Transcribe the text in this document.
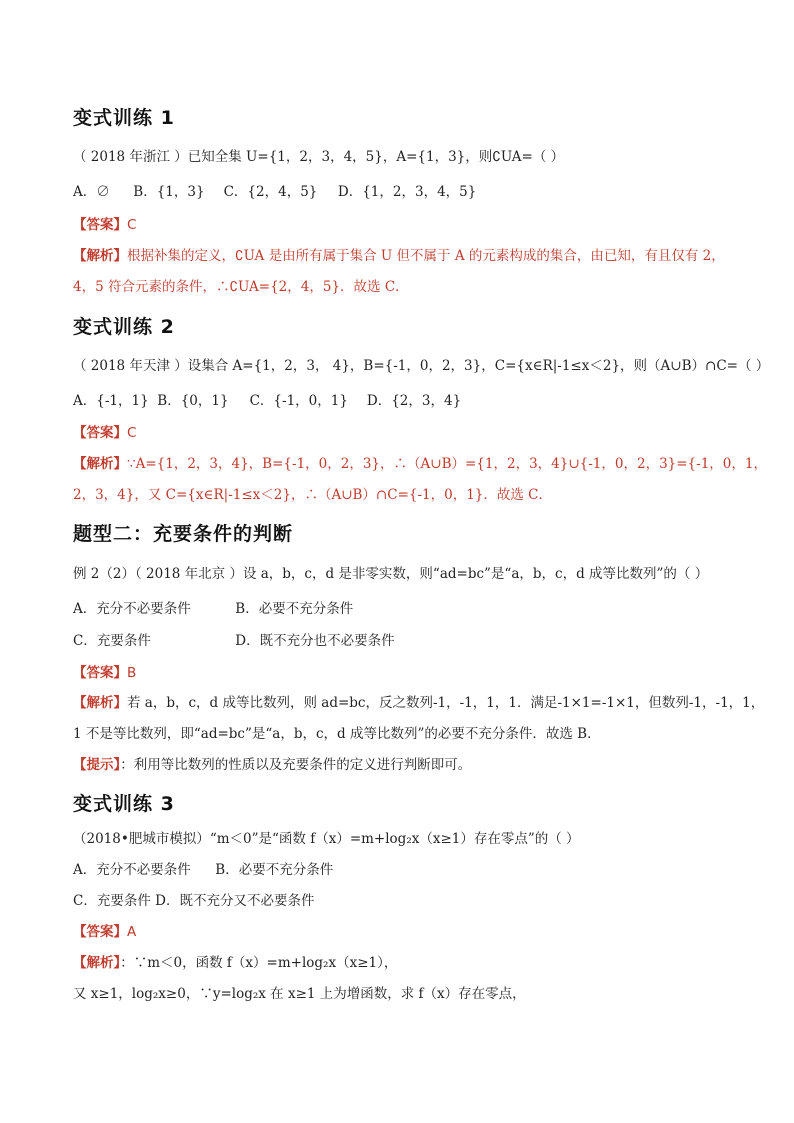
变式训练 1
（ 2018 年浙江 ）已知全集 U={1，2，3，4，5}，A={1，3}，则∁UA=（ ）
A．∅ B．{1，3} C．{2，4，5} D．{1，2，3，4，5}
【答案】C
【解析】根据补集的定义，∁UA 是由所有属于集合 U 但不属于 A 的元素构成的集合，由已知，有且仅有 2，
4，5 符合元素的条件，∴∁UA={2，4，5}．故选 C．
变式训练 2
（ 2018 年天津 ）设集合 A={1，2，3， 4}，B={-1，0，2，3}，C={x∈R|-1≤x＜2}，则（A∪B）∩C=（ ）
A．{-1，1} B．{0，1} C．{-1，0，1} D．{2，3，4}
【答案】C
【解析】∵A={1，2，3，4}，B={-1，0，2，3}，∴（A∪B）={1，2，3，4}∪{-1，0，2，3}={-1，0，1，
2，3，4}，又 C={x∈R|-1≤x＜2}，∴（A∪B）∩C={-1，0，1}．故选 C．
题型二：充要条件的判断
例 2（2）（ 2018 年北京 ）设 a，b，c，d 是非零实数，则“ad=bc”是“a，b，c，d 成等比数列”的（ ）
A．充分不必要条件	B．必要不充分条件
C．充要条件	D．既不充分也不必要条件
【答案】B
【解析】若 a，b，c，d 成等比数列，则 ad=bc，反之数列-1，-1，1，1．满足-1×1=-1×1，但数列-1，-1，1，
1 不是等比数列，即“ad=bc”是“a，b，c，d 成等比数列”的必要不充分条件．故选 B．
【提示】：利用等比数列的性质以及充要条件的定义进行判断即可。
变式训练 3
（2018•肥城市模拟）“m＜0”是“函数 f（x）=m+log₂x（x≥1）存在零点”的（ ）
A．充分不必要条件 B．必要不充分条件
C．充要条件 D．既不充分又不必要条件
【答案】A
【解析】：∵m＜0，函数 f（x）=m+log₂x（x≥1），
又 x≥1，log₂x≥0，∵y=log₂x 在 x≥1 上为增函数，求 f（x）存在零点，
